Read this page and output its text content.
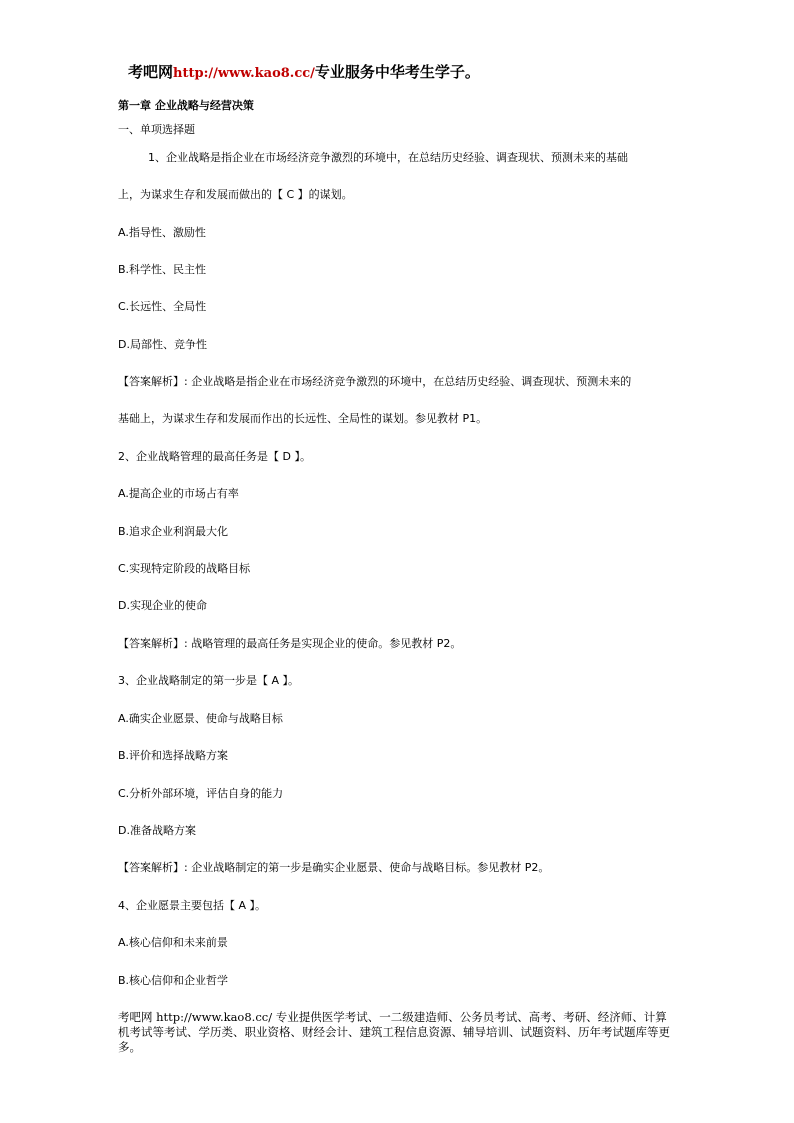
考吧网http://www.kao8.cc/专业服务中华考生学子。
第一章 企业战略与经营决策
一、单项选择题
1、企业战略是指企业在市场经济竞争激烈的环境中，在总结历史经验、调查现状、预测未来的基础
上，为谋求生存和发展而做出的【 C 】的谋划。
A.指导性、激励性
B.科学性、民主性
C.长远性、全局性
D.局部性、竞争性
【答案解析】: 企业战略是指企业在市场经济竞争激烈的环境中，在总结历史经验、调查现状、预测未来的
基础上，为谋求生存和发展而作出的长远性、全局性的谋划。参见教材 P1。
2、企业战略管理的最高任务是【 D 】。
A.提高企业的市场占有率
B.追求企业利润最大化
C.实现特定阶段的战略目标
D.实现企业的使命
【答案解析】: 战略管理的最高任务是实现企业的使命。参见教材 P2。
3、企业战略制定的第一步是【 A 】。
A.确实企业愿景、使命与战略目标
B.评价和选择战略方案
C.分析外部环境，评估自身的能力
D.准备战略方案
【答案解析】: 企业战略制定的第一步是确实企业愿景、使命与战略目标。参见教材 P2。
4、企业愿景主要包括【 A 】。
A.核心信仰和未来前景
B.核心信仰和企业哲学
考吧网 http://www.kao8.cc/ 专业提供医学考试、一二级建造师、公务员考试、高考、考研、经济师、计算机考试等考试、学历类、职业资格、财经会计、建筑工程信息资源、辅导培训、试题资料、历年考试题库等更多。
